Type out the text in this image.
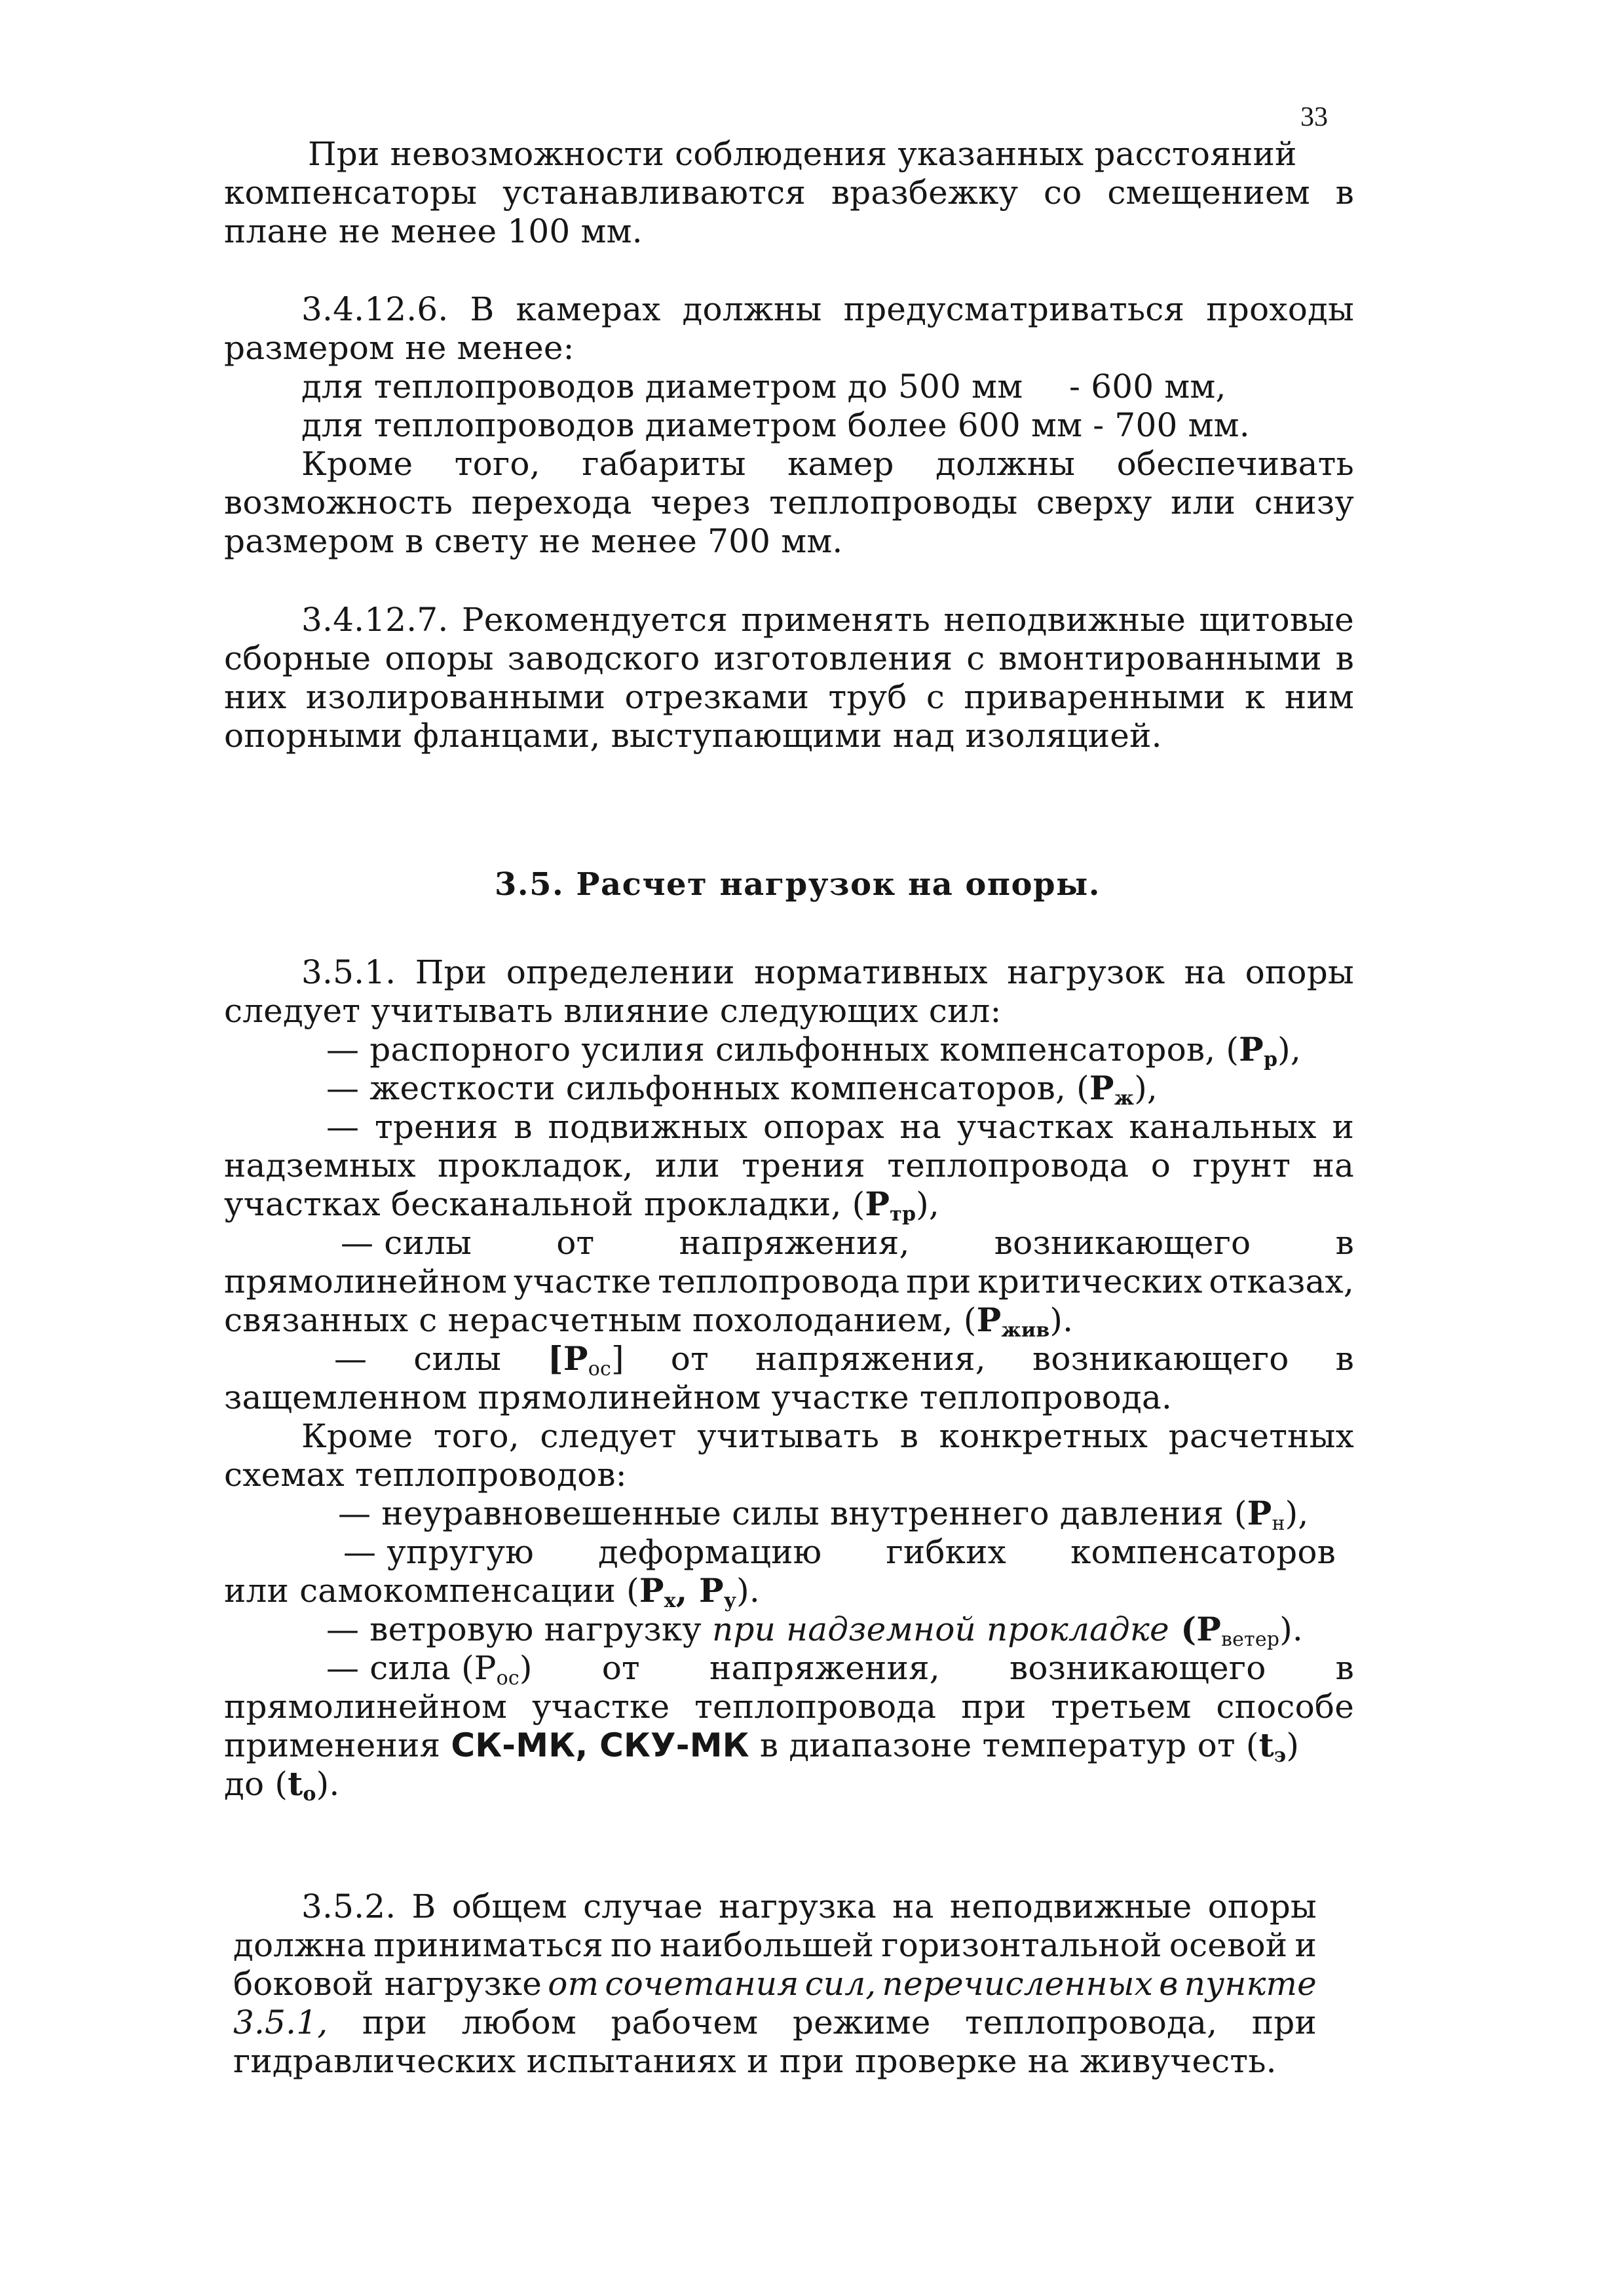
33
При невозможности соблюдения указанных расстояний
компенсаторы устанавливаются вразбежку со смещением в
плане не менее 100 мм.
3.4.12.6. В камерах должны предусматриваться проходы
размером не менее:
для теплопроводов диаметром до 500 мм - 600 мм,
для теплопроводов диаметром более 600 мм - 700 мм.
Кроме того, габариты камер должны обеспечивать
возможность перехода через теплопроводы сверху или снизу
размером в свету не менее 700 мм.
3.4.12.7. Рекомендуется применять неподвижные щитовые
сборные опоры заводского изготовления с вмонтированными в
них изолированными отрезками труб с приваренными к ним
опорными фланцами, выступающими над изоляцией.
3.5. Расчет нагрузок на опоры.
3.5.1. При определении нормативных нагрузок на опоры
следует учитывать влияние следующих сил:
— распорного усилия сильфонных компенсаторов, (Рр),
— жесткости сильфонных компенсаторов, (Рж),
— трения в подвижных опорах на участках канальных и
надземных прокладок, или трения теплопровода о грунт на
участках бесканальной прокладки, (Ртр),
— силы	от	напряжения,	возникающего	в
прямолинейном участке теплопровода при критических отказах,
связанных с нерасчетным похолоданием, (Ржив).
— силы $[Р_{ос}]$ от напряжения, возникающего в
защемленном прямолинейном участке теплопровода.
Кроме того, следует учитывать в конкретных расчетных
схемах теплопроводов:
— неуравновешенные силы внутреннего давления $(Р_н)$,
— упругую деформацию гибких компенсаторов
или самокомпенсации (Рх, Ру).
— ветровую нагрузку при надземной прокладке $(Р_{ветер})$.
— сила $(Р_{ос})$ от напряжения, возникающего в
прямолинейном участке теплопровода при третьем способе
применения СК-МК, СКУ-МК в диапазоне температур от (tэ)
до (tо).
3.5.2. В общем случае нагрузка на неподвижные опоры
должна приниматься по наибольшей горизонтальной осевой и
боковой нагрузке от сочетания сил, перечисленных в пункте
3.5.1, при любом рабочем режиме теплопровода, при
гидравлических испытаниях и при проверке на живучесть.
